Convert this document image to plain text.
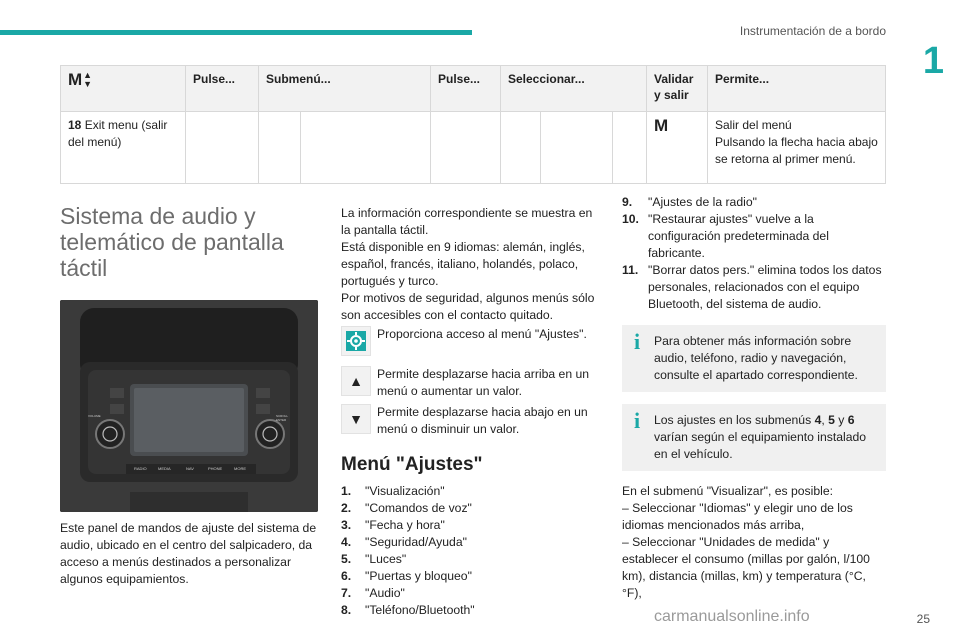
Instrumentación de a bordo
1
M ▲
▼	Pulse...	Submenú...	Pulse...	Seleccionar...	Validar y salir	Permite...
18 Exit menu (salir del menú)					M	Salir del menú
Pulsando la flecha hacia abajo se retorna al primer menú.
Sistema de audio y telemático de pantalla táctil
RADIO	MEDIA	NAV	PHONE	MORE
VOLUME	SCROLL ENTER
Este panel de mandos de ajuste del sistema de audio, ubicado en el centro del salpicadero, da acceso a menús destinados a personalizar algunos equipamientos.
La información correspondiente se muestra en la pantalla táctil.
Está disponible en 9 idiomas: alemán, inglés, español, francés, italiano, holandés, polaco, portugués y turco.
Por motivos de seguridad, algunos menús sólo son accesibles con el contacto quitado.
Proporciona acceso al menú "Ajustes".
▲	Permite desplazarse hacia arriba en un menú o aumentar un valor.
▼	Permite desplazarse hacia abajo en un menú o disminuir un valor.
Menú "Ajustes"
1.	"Visualización"
2.	"Comandos de voz"
3.	"Fecha y hora"
4.	"Seguridad/Ayuda"
5.	"Luces"
6.	"Puertas y bloqueo"
7.	"Audio"
8.	"Teléfono/Bluetooth"
9.	"Ajustes de la radio"
10. "Restaurar ajustes" vuelve a la configuración predeterminada del fabricante.
11. "Borrar datos pers." elimina todos los datos personales, relacionados con el equipo Bluetooth, del sistema de audio.
i	Para obtener más información sobre audio, teléfono, radio y navegación, consulte el apartado correspondiente.
i	Los ajustes en los submenús 4, 5 y 6 varían según el equipamiento instalado en el vehículo.
En el submenú "Visualizar", es posible:
– Seleccionar "Idiomas" y elegir uno de los idiomas mencionados más arriba,
– Seleccionar "Unidades de medida" y establecer el consumo (millas por galón, l/100 km), distancia (millas, km) y temperatura (°C, °F),
carmanualsonline.info	25
